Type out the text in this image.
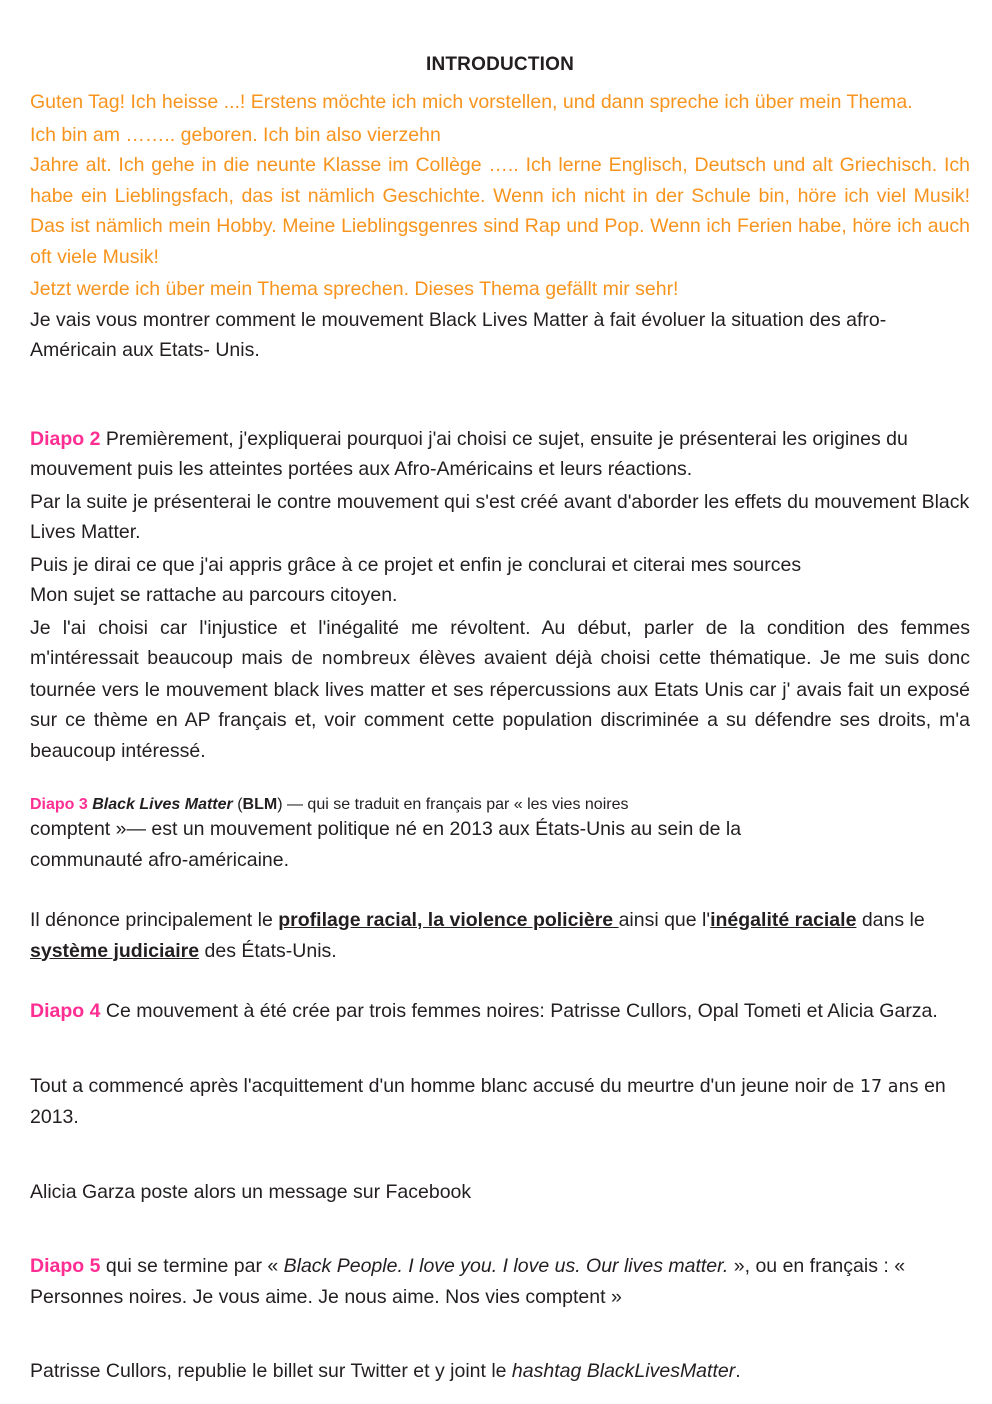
INTRODUCTION

Guten Tag! Ich heisse ...! Erstens möchte ich mich vorstellen, und dann spreche ich über mein Thema.

Ich bin am …….. geboren. Ich bin also vierzehn

Jahre alt. Ich gehe in die neunte Klasse im Collège ….. Ich lerne Englisch, Deutsch und alt Griechisch. Ich habe ein Lieblingsfach, das ist nämlich Geschichte. Wenn ich nicht in der Schule bin, höre ich viel Musik! Das ist nämlich mein Hobby. Meine Lieblingsgenres sind Rap und Pop. Wenn ich Ferien habe, höre ich auch oft viele Musik!

Jetzt werde ich über mein Thema sprechen. Dieses Thema gefällt mir sehr!

Je vais vous montrer comment le mouvement Black Lives Matter à fait évoluer la situation des afro-Américain aux Etats- Unis.

Diapo 2 Premièrement, j'expliquerai pourquoi j'ai choisi ce sujet, ensuite je présenterai les origines du mouvement puis les atteintes portées aux Afro-Américains et leurs réactions.

Par la suite je présenterai le contre mouvement qui s'est créé avant d'aborder les effets du mouvement Black Lives Matter.

Puis je dirai ce que j'ai appris grâce à ce projet et enfin je conclurai et citerai mes sources

Mon sujet se rattache au parcours citoyen.

Je l'ai choisi car l'injustice et l'inégalité me révoltent. Au début, parler de la condition des femmes m'intéressait beaucoup mais de nombreux élèves avaient déjà choisi cette thématique. Je me suis donc tournée vers le mouvement black lives matter et ses répercussions aux Etats Unis car j' avais fait un exposé sur ce thème en AP français et, voir comment cette population discriminée a su défendre ses droits, m'a beaucoup intéressé.

Diapo 3 Black Lives Matter (BLM) — qui se traduit en français par « les vies noires

comptent »— est un mouvement politique né en 2013 aux États-Unis au sein de la

communauté afro-américaine.

Il dénonce principalement le profilage racial, la violence policière ainsi que l'inégalité raciale dans le système judiciaire des États-Unis.

Diapo 4 Ce mouvement à été crée par trois femmes noires: Patrisse Cullors, Opal Tometi et Alicia Garza.

Tout a commencé après l'acquittement d'un homme blanc accusé du meurtre d'un jeune noir de 17 ans en 2013.

Alicia Garza poste alors un message sur Facebook

Diapo 5 qui se termine par « Black People. I love you. I love us. Our lives matter. », ou en français : « Personnes noires. Je vous aime. Je nous aime. Nos vies comptent »

Patrisse Cullors, republie le billet sur Twitter et y joint le hashtag BlackLivesMatter.
